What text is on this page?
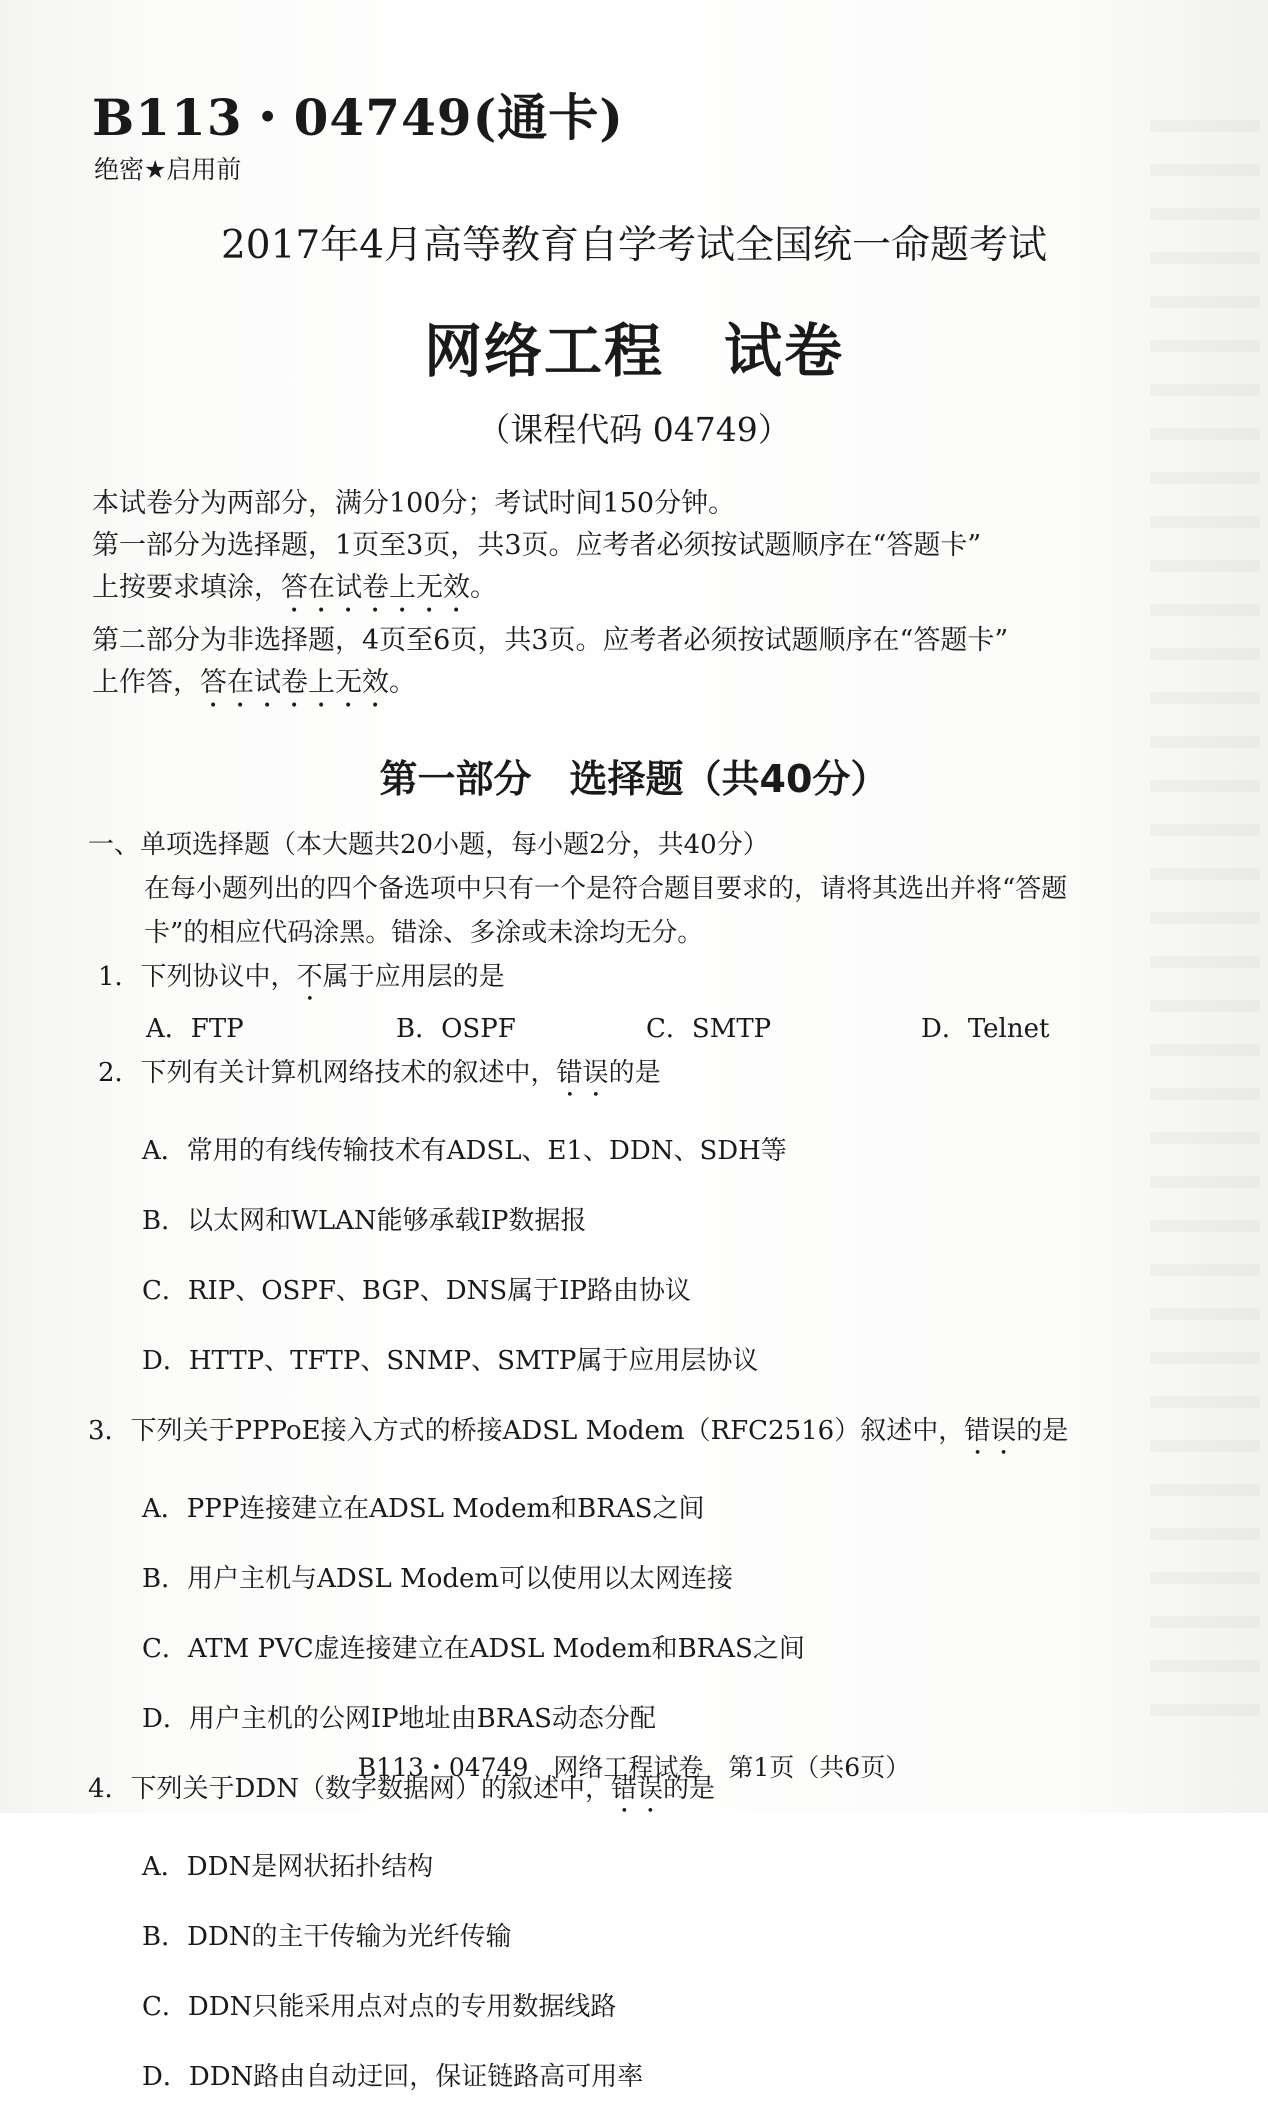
B113・04749(通卡)
绝密★启用前
2017年4月高等教育自学考试全国统一命题考试
网络工程　试卷
（课程代码 04749）

本试卷分为两部分，满分100分；考试时间150分钟。

第一部分为选择题，1页至3页，共3页。应考者必须按试题顺序在“答题卡”

上按要求填涂，答在试卷上无效。

第二部分为非选择题，4页至6页，共3页。应考者必须按试题顺序在“答题卡”

上作答，答在试卷上无效。

第一部分　选择题（共40分）

一、单项选择题（本大题共20小题，每小题2分，共40分）

在每小题列出的四个备选项中只有一个是符合题目要求的，请将其选出并将“答题

卡”的相应代码涂黑。错涂、多涂或未涂均无分。

1．下列协议中，不属于应用层的是

A．FTP	B．OSPF	C．SMTP	D．Telnet

2．下列有关计算机网络技术的叙述中，错误的是

A．常用的有线传输技术有ADSL、E1、DDN、SDH等

B．以太网和WLAN能够承载IP数据报

C．RIP、OSPF、BGP、DNS属于IP路由协议

D．HTTP、TFTP、SNMP、SMTP属于应用层协议

3．下列关于PPPoE接入方式的桥接ADSL Modem（RFC2516）叙述中，错误的是

A．PPP连接建立在ADSL Modem和BRAS之间

B．用户主机与ADSL Modem可以使用以太网连接

C．ATM PVC虚连接建立在ADSL Modem和BRAS之间

D．用户主机的公网IP地址由BRAS动态分配

4．下列关于DDN（数字数据网）的叙述中，错误的是

A．DDN是网状拓扑结构

B．DDN的主干传输为光纤传输

C．DDN只能采用点对点的专用数据线路

D．DDN路由自动迂回，保证链路高可用率

B113・04749　网络工程试卷　第1页（共6页）
